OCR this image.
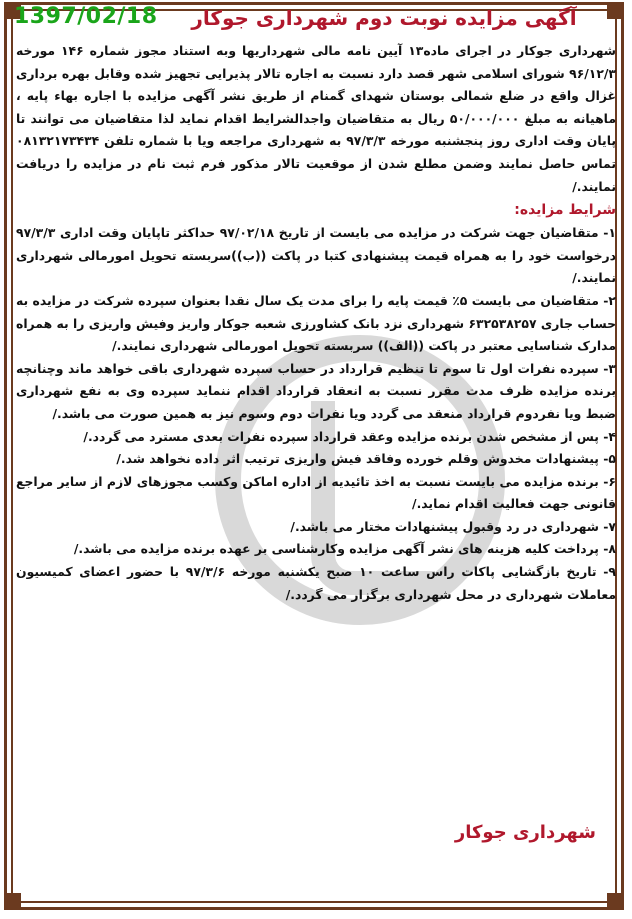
1397/02/18	آگهی مزایده نوبت دوم شهرداری جوکار

شهرداری جوکار در اجرای ماده۱۳ آیین نامه مالی شهرداریها وبه استناد مجوز شماره ۱۴۶ مورخه ۹۶/۱۲/۳ شورای اسلامی شهر قصد دارد نسبت به اجاره تالار پذیرایی تجهیز شده وقابل بهره برداری غزال واقع در ضلع شمالی بوستان شهدای گمنام از طریق نشر آگهی مزایده با اجاره بهاء پایه ، ماهیانه به مبلغ ۵۰/۰۰۰/۰۰۰ ریال به متقاضیان واجدالشرایط اقدام نماید لذا متقاضیان می توانند تا پایان وقت اداری روز پنجشنبه مورخه ۹۷/۳/۳ به شهرداری مراجعه ویا با شماره تلفن ۰۸۱۳۲۱۷۳۴۳۴ تماس حاصل نمایند وضمن مطلع شدن از موقعیت تالار مذکور فرم ثبت نام در مزایده را دریافت نمایند./

شرایط مزایده:

۱- متقاضیان جهت شرکت در مزایده می بایست از تاریخ ۹۷/۰۲/۱۸ حداکثر تاپایان وقت اداری ۹۷/۳/۳ درخواست خود را به همراه قیمت پیشنهادی کتبا در پاکت ((ب))سربسته تحویل امورمالی شهرداری نمایند./

۲- متقاضیان می بایست ۵٪ قیمت پایه را برای مدت یک سال نقدا بعنوان سپرده شرکت در مزایده به حساب جاری ۶۳۲۵۳۸۲۵۷ شهرداری نزد بانک کشاورزی شعبه جوکار واریز وفیش واریزی را به همراه مدارک شناسایی معتبر در پاکت ((الف)) سربسته تحویل امورمالی شهرداری نمایند./

۳- سپرده نفرات اول تا سوم تا تنظیم قرارداد در حساب سپرده شهرداری باقی خواهد ماند وچنانچه برنده مزایده ظرف مدت مقرر نسبت به انعقاد قرارداد اقدام ننماید سپرده وی به نفع شهرداری ضبط ویا نفردوم قرارداد منعقد می گردد ویا نفرات دوم وسوم نیز به همین صورت می باشد./

۴- پس از مشخص شدن برنده مزایده وعقد قرارداد سپرده نفرات بعدی مسترد می گردد./

۵- پیشنهادات مخدوش وقلم خورده وفاقد فیش واریزی ترتیب اثر داده نخواهد شد./

۶- برنده مزایده می بایست نسبت به اخذ تائیدیه از اداره اماکن وکسب مجوزهای لازم از سایر مراجع قانونی جهت فعالیت اقدام نماید./

۷- شهرداری در رد وقبول پیشنهادات مختار می باشد./

۸- پرداخت کلیه هزینه های نشر آگهی مزایده وکارشناسی بر عهده برنده مزایده می باشد./

۹- تاریخ بازگشایی پاکات راس ساعت ۱۰ صبح یکشنبه مورخه ۹۷/۳/۶ با حضور اعضای کمیسیون معاملات شهرداری در محل شهرداری برگزار می گردد./

شهرداری جوکار
